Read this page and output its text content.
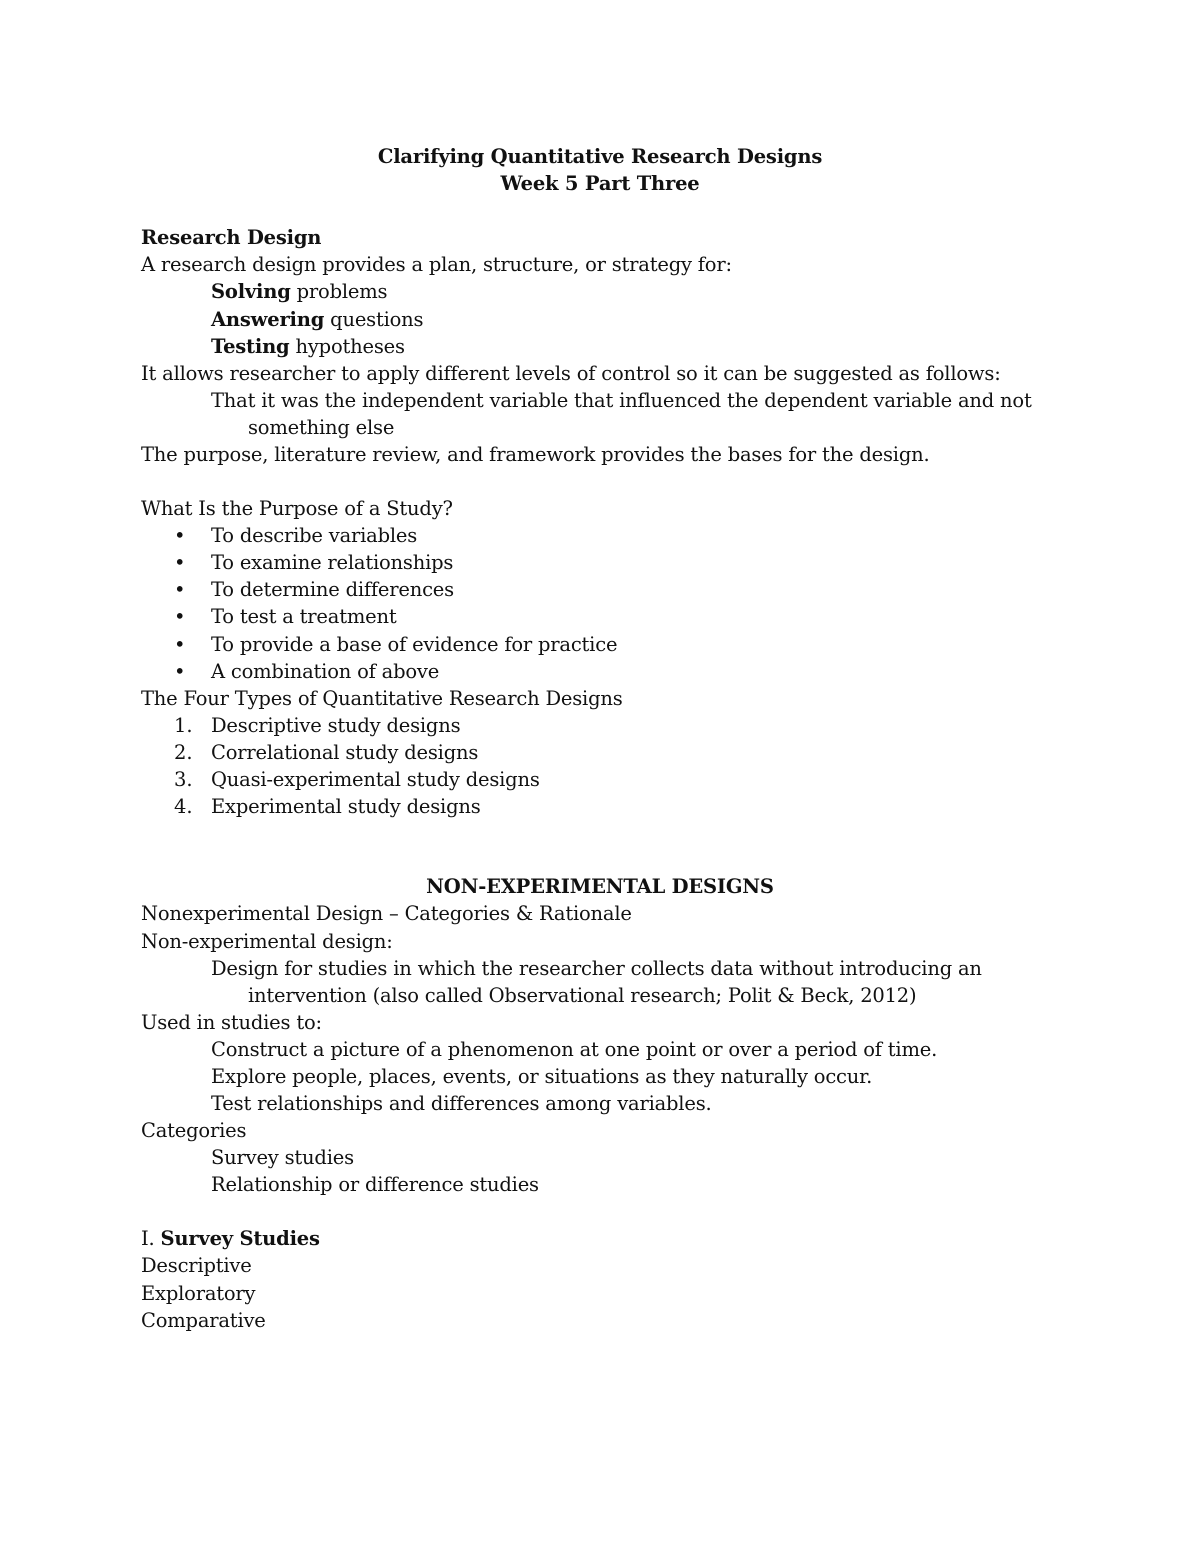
Clarifying Quantitative Research Designs
Week 5 Part Three
Research Design
A research design provides a plan, structure, or strategy for:
Solving problems
Answering questions
Testing hypotheses
It allows researcher to apply different levels of control so it can be suggested as follows:
That it was the independent variable that influenced the dependent variable and not
something else
The purpose, literature review, and framework provides the bases for the design.
What Is the Purpose of a Study?
• To describe variables
• To examine relationships
• To determine differences
• To test a treatment
• To provide a base of evidence for practice
• A combination of above
The Four Types of Quantitative Research Designs
1. Descriptive study designs
2. Correlational study designs
3. Quasi-experimental study designs
4. Experimental study designs
NON-EXPERIMENTAL DESIGNS
Nonexperimental Design – Categories & Rationale
Non-experimental design:
Design for studies in which the researcher collects data without introducing an
intervention (also called Observational research; Polit & Beck, 2012)
Used in studies to:
Construct a picture of a phenomenon at one point or over a period of time.
Explore people, places, events, or situations as they naturally occur.
Test relationships and differences among variables.
Categories
Survey studies
Relationship or difference studies
I. Survey Studies
Descriptive
Exploratory
Comparative
